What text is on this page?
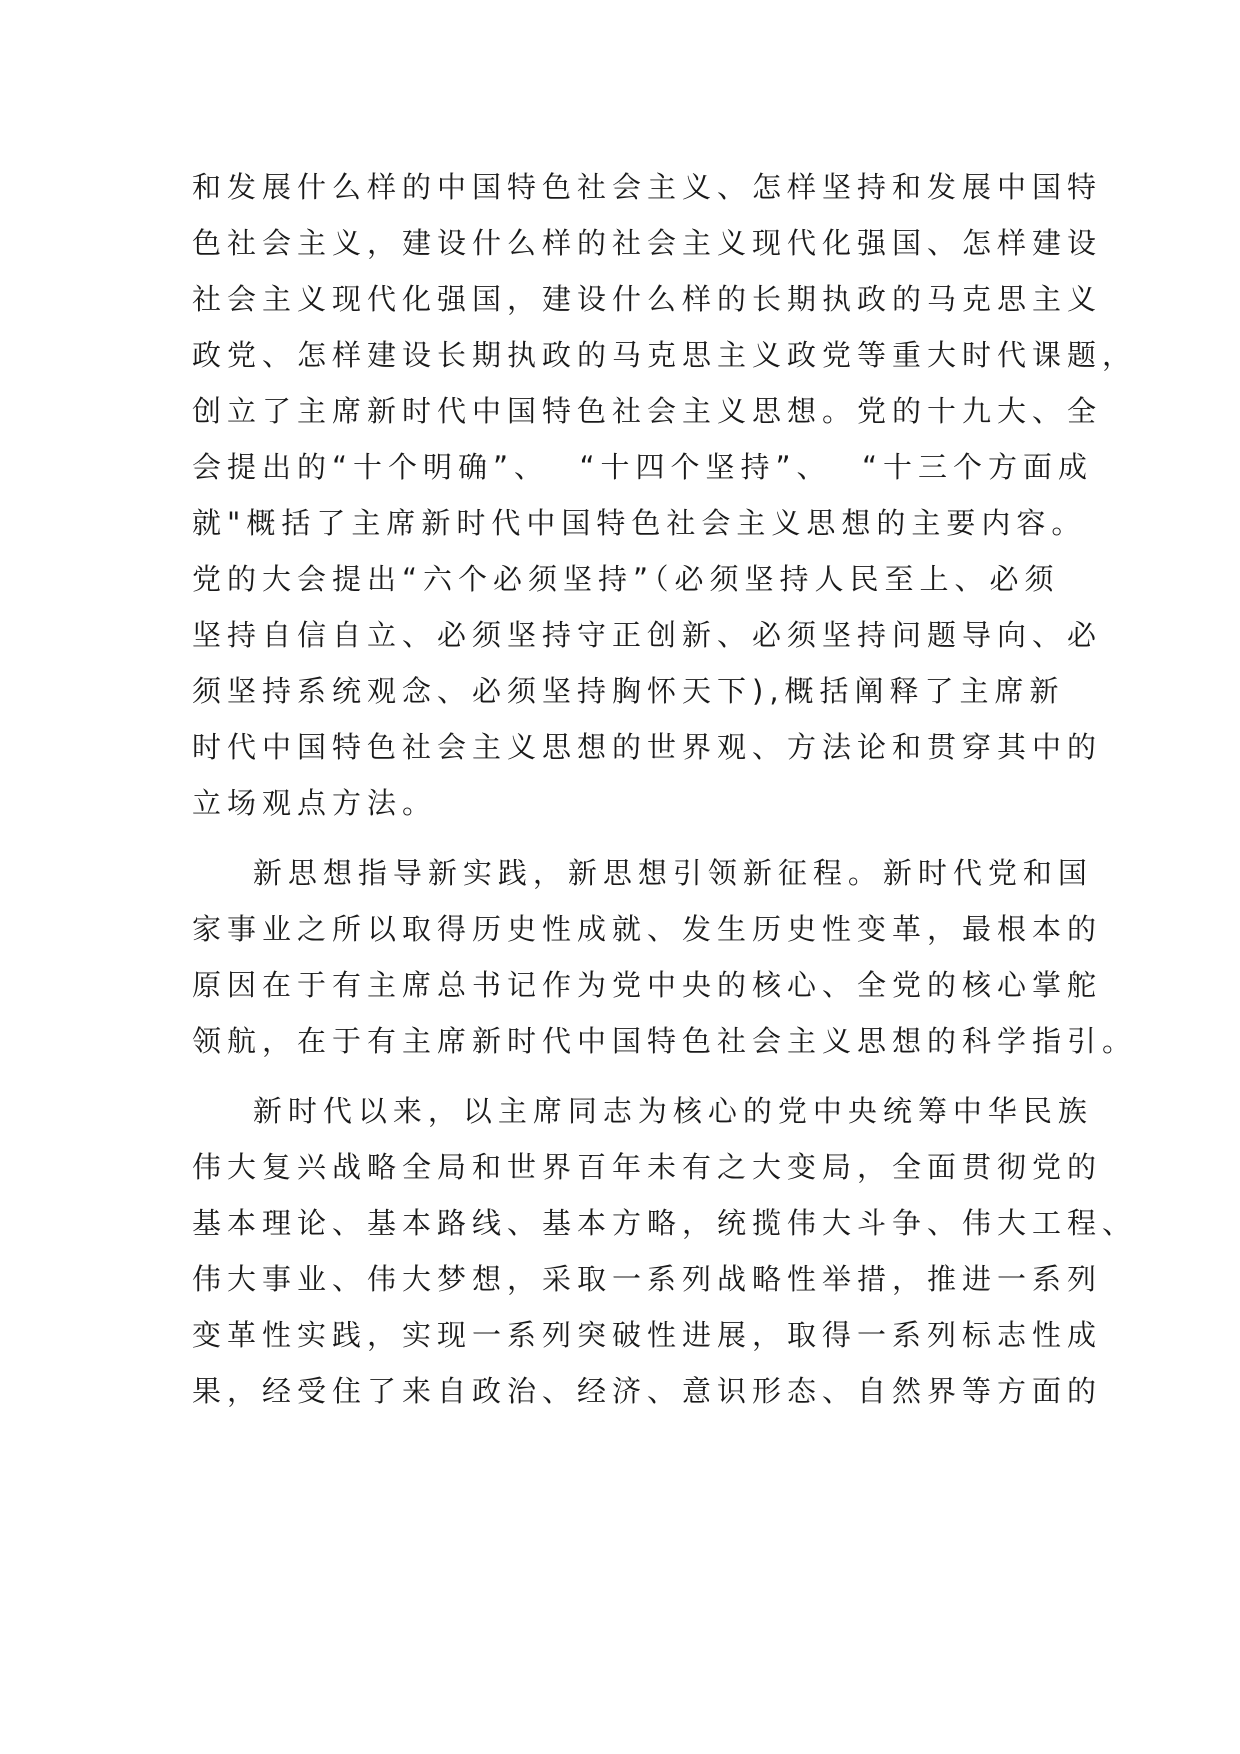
和发展什么样的中国特色社会主义、怎样坚持和发展中国特
色社会主义，建设什么样的社会主义现代化强国、怎样建设
社会主义现代化强国，建设什么样的长期执政的马克思主义
政党、怎样建设长期执政的马克思主义政党等重大时代课题，
创立了主席新时代中国特色社会主义思想。党的十九大、全
会提出的“十个明确”、  “十四个坚持”、  “十三个方面成
就"概括了主席新时代中国特色社会主义思想的主要内容。
党的大会提出“六个必须坚持”（必须坚持人民至上、必须
坚持自信自立、必须坚持守正创新、必须坚持问题导向、必
须坚持系统观念、必须坚持胸怀天下),概括阐释了主席新
时代中国特色社会主义思想的世界观、方法论和贯穿其中的
立场观点方法。
新思想指导新实践，新思想引领新征程。新时代党和国
家事业之所以取得历史性成就、发生历史性变革，最根本的
原因在于有主席总书记作为党中央的核心、全党的核心掌舵
领航，在于有主席新时代中国特色社会主义思想的科学指引。
新时代以来，以主席同志为核心的党中央统筹中华民族
伟大复兴战略全局和世界百年未有之大变局，全面贯彻党的
基本理论、基本路线、基本方略，统揽伟大斗争、伟大工程、
伟大事业、伟大梦想，采取一系列战略性举措，推进一系列
变革性实践，实现一系列突破性进展，取得一系列标志性成
果，经受住了来自政治、经济、意识形态、自然界等方面的
